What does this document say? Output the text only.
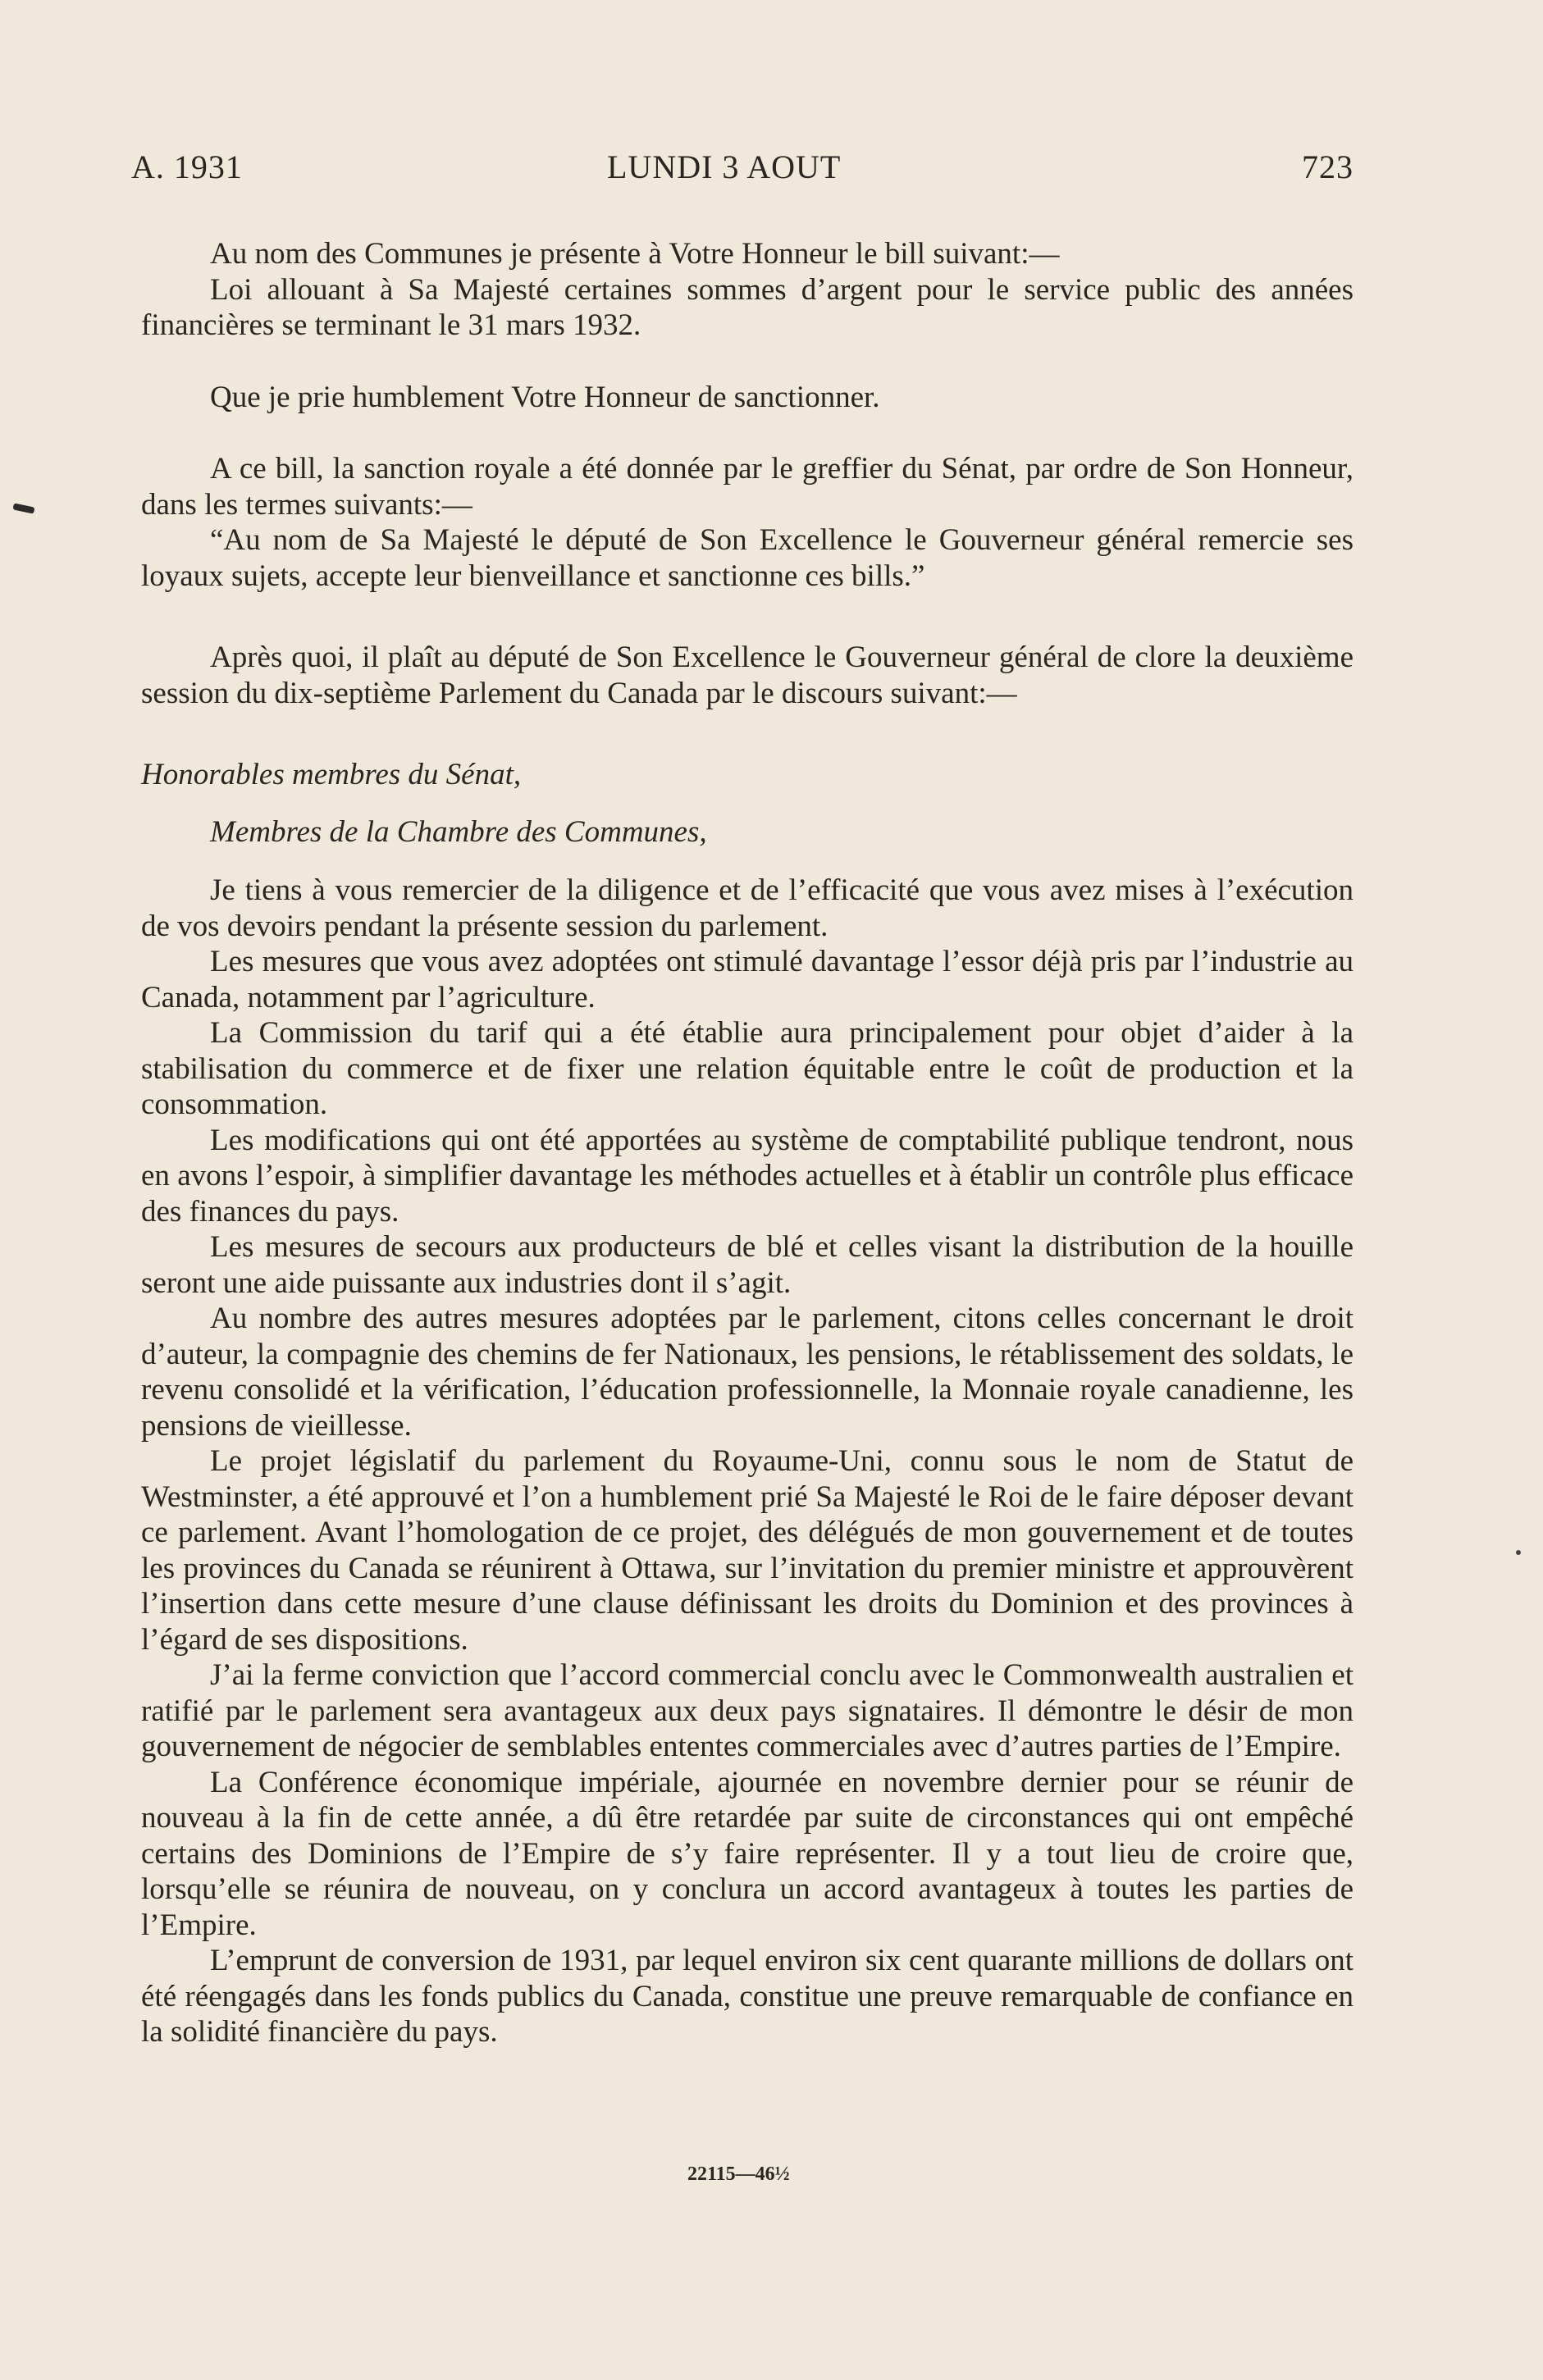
A. 1931	LUNDI 3 AOUT	723

Au nom des Communes je présente à Votre Honneur le bill suivant:—

Loi allouant à Sa Majesté certaines sommes d’argent pour le service public des années financières se terminant le 31 mars 1932.

Que je prie humblement Votre Honneur de sanctionner.

A ce bill, la sanction royale a été donnée par le greffier du Sénat, par ordre de Son Honneur, dans les termes suivants:—

“Au nom de Sa Majesté le député de Son Excellence le Gouverneur général remercie ses loyaux sujets, accepte leur bienveillance et sanctionne ces bills.”

Après quoi, il plaît au député de Son Excellence le Gouverneur général de clore la deuxième session du dix-septième Parlement du Canada par le discours suivant:—

Honorables membres du Sénat,

Membres de la Chambre des Communes,

Je tiens à vous remercier de la diligence et de l’efficacité que vous avez mises à l’exécution de vos devoirs pendant la présente session du parlement.

Les mesures que vous avez adoptées ont stimulé davantage l’essor déjà pris par l’industrie au Canada, notamment par l’agriculture.

La Commission du tarif qui a été établie aura principalement pour objet d’aider à la stabilisation du commerce et de fixer une relation équitable entre le coût de production et la consommation.

Les modifications qui ont été apportées au système de comptabilité publique tendront, nous en avons l’espoir, à simplifier davantage les méthodes actuelles et à établir un contrôle plus efficace des finances du pays.

Les mesures de secours aux producteurs de blé et celles visant la distribution de la houille seront une aide puissante aux industries dont il s’agit.

Au nombre des autres mesures adoptées par le parlement, citons celles concernant le droit d’auteur, la compagnie des chemins de fer Nationaux, les pensions, le rétablissement des soldats, le revenu consolidé et la vérification, l’éducation professionnelle, la Monnaie royale canadienne, les pensions de vieillesse.

Le projet législatif du parlement du Royaume-Uni, connu sous le nom de Statut de Westminster, a été approuvé et l’on a humblement prié Sa Majesté le Roi de le faire déposer devant ce parlement. Avant l’homologation de ce projet, des délégués de mon gouvernement et de toutes les provinces du Canada se réunirent à Ottawa, sur l’invitation du premier ministre et approuvèrent l’insertion dans cette mesure d’une clause définissant les droits du Dominion et des provinces à l’égard de ses dispositions.

J’ai la ferme conviction que l’accord commercial conclu avec le Commonwealth australien et ratifié par le parlement sera avantageux aux deux pays signataires. Il démontre le désir de mon gouvernement de négocier de semblables ententes commerciales avec d’autres parties de l’Empire.

La Conférence économique impériale, ajournée en novembre dernier pour se réunir de nouveau à la fin de cette année, a dû être retardée par suite de circonstances qui ont empêché certains des Dominions de l’Empire de s’y faire représenter. Il y a tout lieu de croire que, lorsqu’elle se réunira de nouveau, on y conclura un accord avantageux à toutes les parties de l’Empire.

L’emprunt de conversion de 1931, par lequel environ six cent quarante millions de dollars ont été réengagés dans les fonds publics du Canada, constitue une preuve remarquable de confiance en la solidité financière du pays.

22115—46½
